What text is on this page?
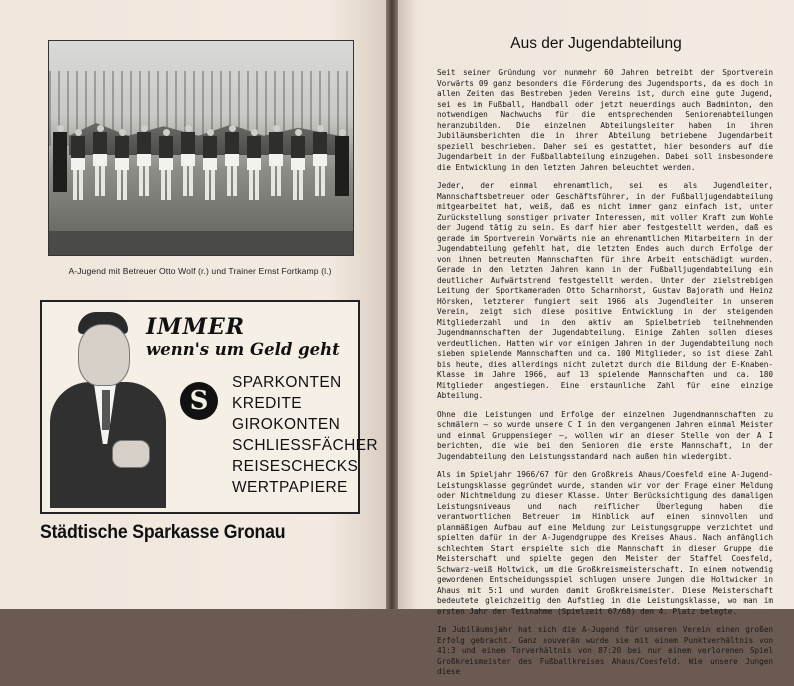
A-Jugend mit Betreuer Otto Wolf (r.) und Trainer Ernst Fortkamp (l.)
IMMER
wenn's um Geld geht
S
SPARKONTEN
KREDITE
GIROKONTEN
SCHLIESSFÄCHER
REISESCHECKS
WERTPAPIERE
Städtische Sparkasse Gronau
Aus der Jugendabteilung

Seit seiner Gründung vor nunmehr 60 Jahren betreibt der Sportverein Vorwärts 09 ganz besonders die Förderung des Jugendsports, da es doch in allen Zeiten das Bestreben jeden Vereins ist, durch eine gute Jugend, sei es im Fußball, Handball oder jetzt neuerdings auch Badminton, den notwendigen Nachwuchs für die entsprechenden Seniorenabteilungen heranzubilden. Die einzelnen Abteilungsleiter haben in ihren Jubiläumsberichten die in ihrer Abteilung betriebene Jugendarbeit speziell beschrieben. Daher sei es gestattet, hier besonders auf die Jugendarbeit in der Fußballabteilung einzugehen. Dabei soll insbesondere die Entwicklung in den letzten Jahren beleuchtet werden.

Jeder, der einmal ehrenamtlich, sei es als Jugendleiter, Mannschaftsbetreuer oder Geschäftsführer, in der Fußballjugendabteilung mitgearbeitet hat, weiß, daß es nicht immer ganz einfach ist, unter Zurückstellung sonstiger privater Interessen, mit voller Kraft zum Wohle der Jugend tätig zu sein. Es darf hier aber festgestellt werden, daß es gerade im Sportverein Vorwärts nie an ehrenamtlichen Mitarbeitern in der Jugendabteilung gefehlt hat, die letzten Endes auch durch Erfolge der von ihnen betreuten Mannschaften für ihre Arbeit entschädigt wurden. Gerade in den letzten Jahren kann in der Fußballjugendabteilung ein deutlicher Aufwärtstrend festgestellt werden. Unter der zielstrebigen Leitung der Sportkameraden Otto Scharnhorst, Gustav Bajorath und Heinz Hörsken, letzterer fungiert seit 1966 als Jugendleiter in unserem Verein, zeigt sich diese positive Entwicklung in der steigenden Mitgliederzahl und in den aktiv am Spielbetrieb teilnehmenden Jugendmannschaften der Jugendabteilung. Einige Zahlen sollen dieses verdeutlichen. Hatten wir vor einigen Jahren in der Jugendabteilung noch sieben spielende Mannschaften und ca. 100 Mitglieder, so ist diese Zahl bis heute, dies allerdings nicht zuletzt durch die Bildung der E-Knaben-Klasse im Jahre 1966, auf 13 spielende Mannschaften und ca. 180 Mitglieder angestiegen. Eine erstaunliche Zahl für eine einzige Abteilung.

Ohne die Leistungen und Erfolge der einzelnen Jugendmannschaften zu schmälern – so wurde unsere C I in den vergangenen Jahren einmal Meister und einmal Gruppensieger –, wollen wir an dieser Stelle von der A I berichten, die wie bei den Senioren die erste Mannschaft, in der Jugendabteilung den Leistungsstandard nach außen hin wiedergibt.

Als im Spieljahr 1966/67 für den Großkreis Ahaus/Coesfeld eine A-Jugend-Leistungsklasse gegründet wurde, standen wir vor der Frage einer Meldung oder Nichtmeldung zu dieser Klasse. Unter Berücksichtigung des damaligen Leistungsniveaus und nach reiflicher Überlegung haben die verantwortlichen Betreuer im Hinblick auf einen sinnvollen und planmäßigen Aufbau auf eine Meldung zur Leistungsgruppe verzichtet und spielten dafür in der A-Jugendgruppe des Kreises Ahaus. Nach anfänglich schlechtem Start erspielte sich die Mannschaft in dieser Gruppe die Meisterschaft und spielte gegen den Meister der Staffel Coesfeld, Schwarz-weiß Holtwick, um die Großkreismeisterschaft. In einem notwendig gewordenen Entscheidungsspiel schlugen unsere Jungen die Holtwicker in Ahaus mit 5:1 und wurden damit Großkreismeister. Diese Meisterschaft bedeutete gleichzeitig den Aufstieg in die Leistungsklasse, wo man im ersten Jahr der Teilnahme (Spielzeit 67/68) den 4. Platz belegte.

Im Jubiläumsjahr hat sich die A-Jugend für unseren Verein einen großen Erfolg gebracht. Ganz souverän wurde sie mit einem Punktverhältnis von 41:3 und einem Torverhältnis von 87:20 bei nur einem verlorenen Spiel Großkreismeister des Fußballkreises Ahaus/Coesfeld. Wie unsere Jungen diese
